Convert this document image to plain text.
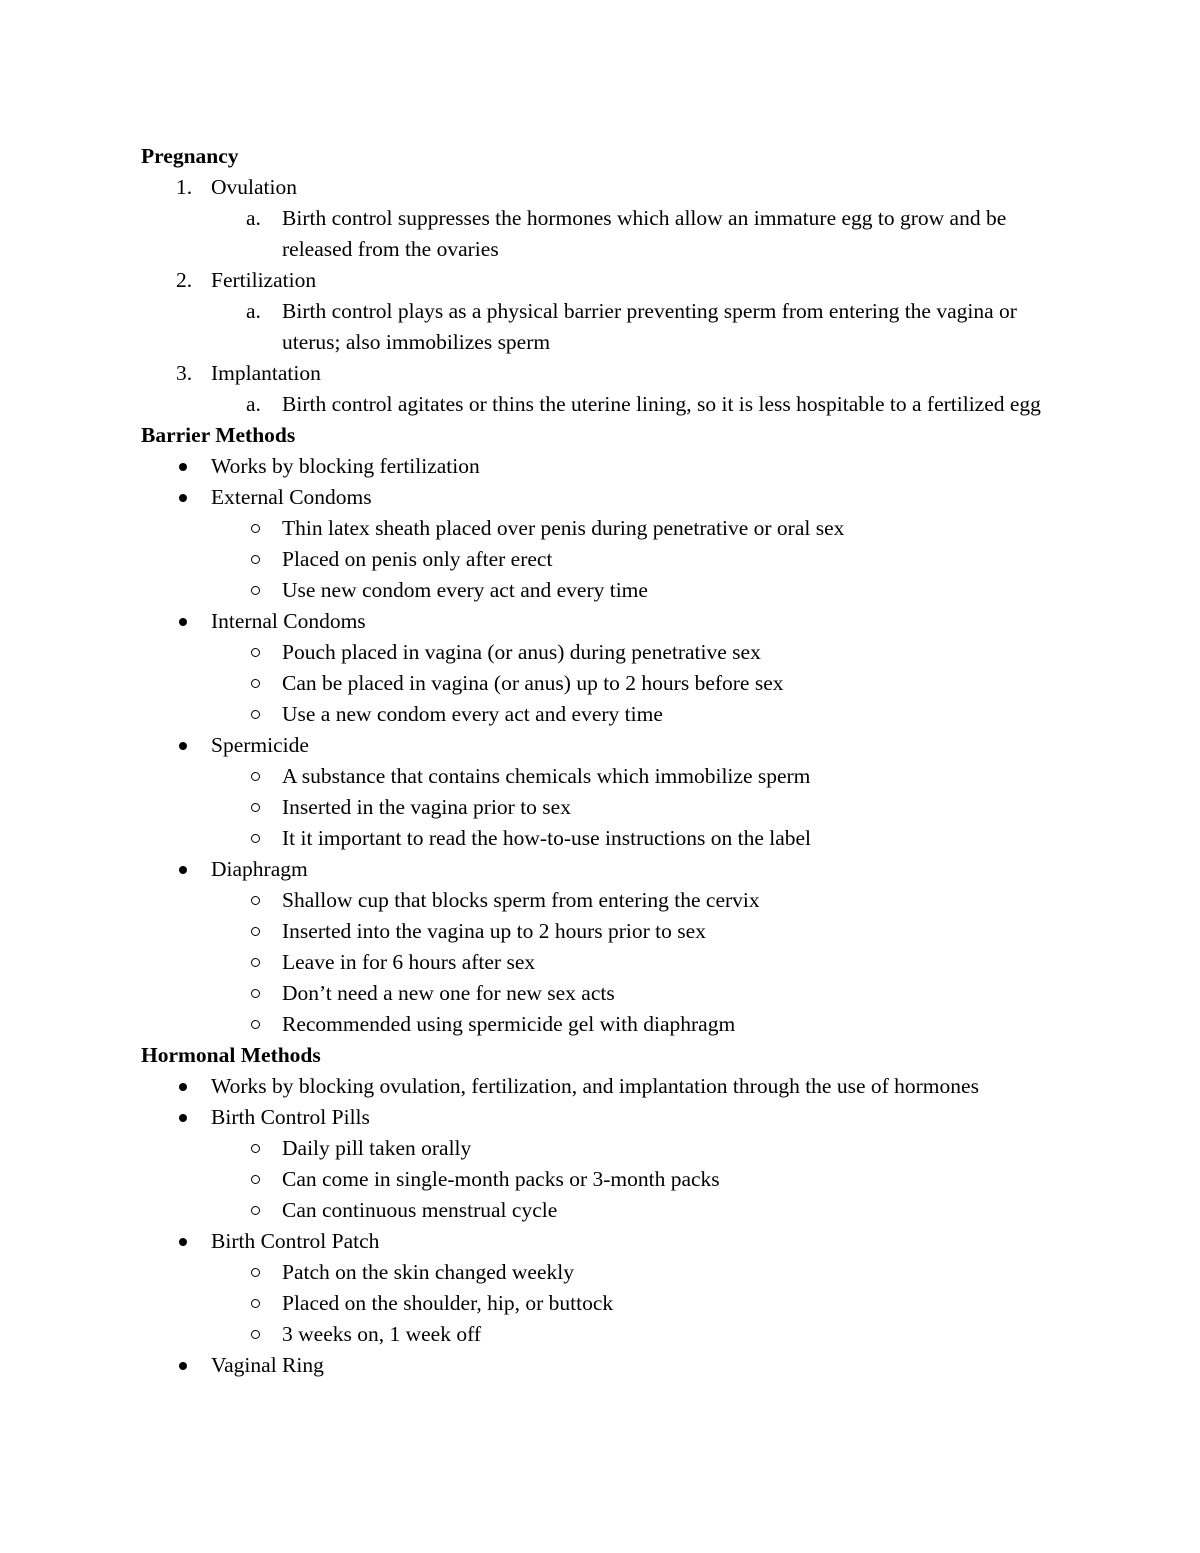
Pregnancy
1. Ovulation
a. Birth control suppresses the hormones which allow an immature egg to grow and be released from the ovaries
2. Fertilization
a. Birth control plays as a physical barrier preventing sperm from entering the vagina or uterus; also immobilizes sperm
3. Implantation
a. Birth control agitates or thins the uterine lining, so it is less hospitable to a fertilized egg
Barrier Methods
Works by blocking fertilization
External Condoms
Thin latex sheath placed over penis during penetrative or oral sex
Placed on penis only after erect
Use new condom every act and every time
Internal Condoms
Pouch placed in vagina (or anus) during penetrative sex
Can be placed in vagina (or anus) up to 2 hours before sex
Use a new condom every act and every time
Spermicide
A substance that contains chemicals which immobilize sperm
Inserted in the vagina prior to sex
It it important to read the how-to-use instructions on the label
Diaphragm
Shallow cup that blocks sperm from entering the cervix
Inserted into the vagina up to 2 hours prior to sex
Leave in for 6 hours after sex
Don’t need a new one for new sex acts
Recommended using spermicide gel with diaphragm
Hormonal Methods
Works by blocking ovulation, fertilization, and implantation through the use of hormones
Birth Control Pills
Daily pill taken orally
Can come in single-month packs or 3-month packs
Can continuous menstrual cycle
Birth Control Patch
Patch on the skin changed weekly
Placed on the shoulder, hip, or buttock
3 weeks on, 1 week off
Vaginal Ring
